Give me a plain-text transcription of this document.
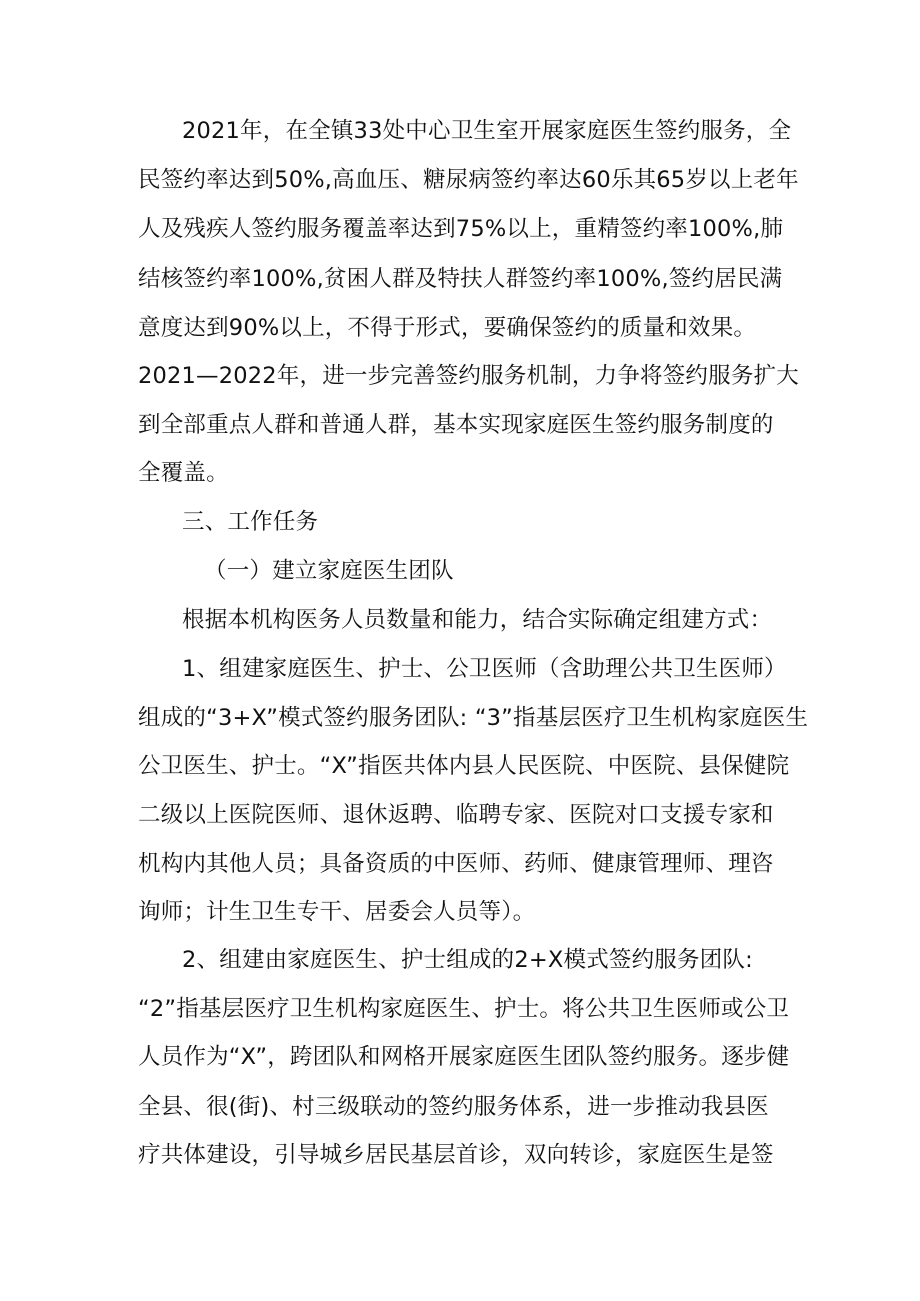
2021年，在全镇33处中心卫生室开展家庭医生签约服务，全
民签约率达到50%,高血压、糖尿病签约率达60乐其65岁以上老年
人及残疾人签约服务覆盖率达到75%以上，重精签约率100%,肺
结核签约率100%,贫困人群及特扶人群签约率100%,签约居民满
意度达到90%以上，不得于形式，要确保签约的质量和效果。
2021—2022年，进一步完善签约服务机制，力争将签约服务扩大
到全部重点人群和普通人群，基本实现家庭医生签约服务制度的
全覆盖。
三、工作任务
（一）建立家庭医生团队
根据本机构医务人员数量和能力，结合实际确定组建方式：
1、组建家庭医生、护士、公卫医师（含助理公共卫生医师）
组成的“3+X”模式签约服务团队: “3”指基层医疗卫生机构家庭医生
公卫医生、护士。“X”指医共体内县人民医院、中医院、县保健院
二级以上医院医师、退休返聘、临聘专家、医院对口支援专家和
机构内其他人员；具备资质的中医师、药师、健康管理师、理咨
询师；计生卫生专干、居委会人员等）。
2、组建由家庭医生、护士组成的2+X模式签约服务团队:
“2”指基层医疗卫生机构家庭医生、护士。将公共卫生医师或公卫
人员作为“X”，跨团队和网格开展家庭医生团队签约服务。逐步健
全县、很(街)、村三级联动的签约服务体系，进一步推动我县医
疗共体建设，引导城乡居民基层首诊，双向转诊，家庭医生是签
